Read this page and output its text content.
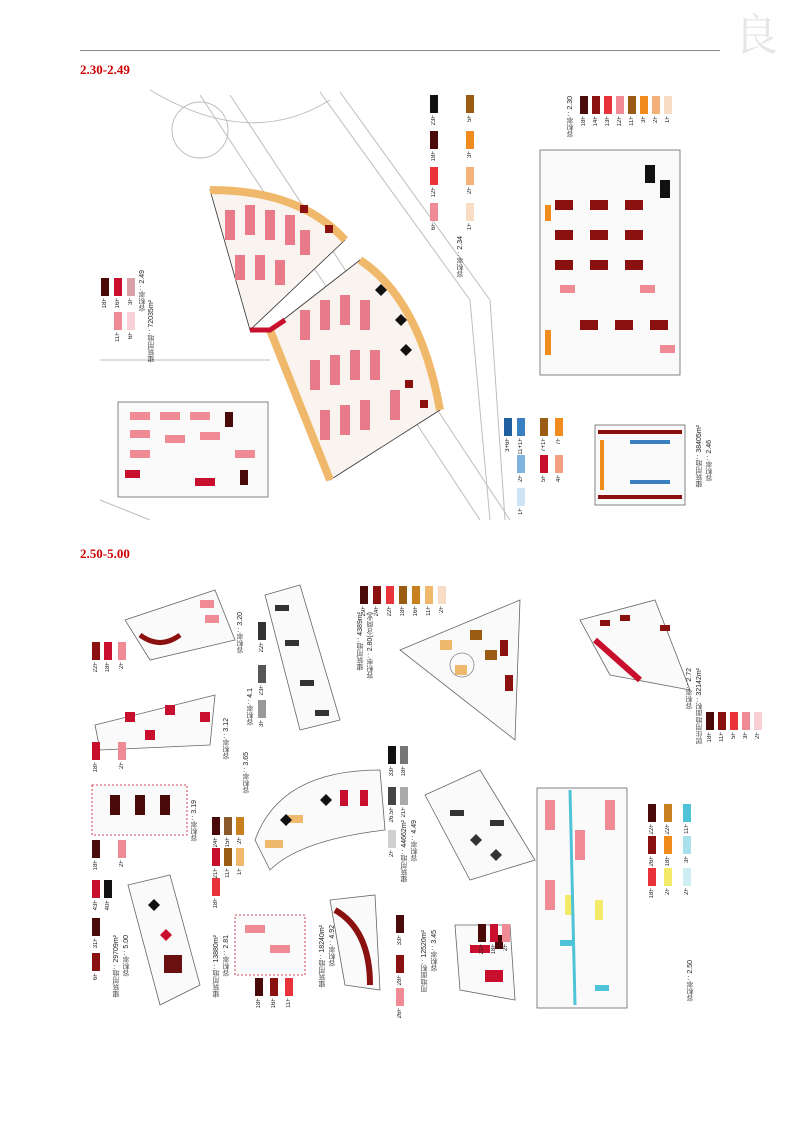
良
2.30-2.49
2.50-5.00
建筑用地：72035m²
容积率：2.49
18F 16F 3F
11F 6F
容积率：2.34
23F
18F
12F
6F
5F
3F
2F
1F
容积率：2.30	18F 14F 13F 12F 11F 3F 2F 1F
建筑用地：38405m² 容积率：2.46
3+6F 11+1F
2F
1F
7+1F 7F
5F 4F
容积率：3.20
22F 18F 2F
容积率：4.1
22F
23F
3F
建筑用地：4389m² 容积率：2.80(含商业)
29F 24F 22F 18F 16F 11F 2F
居住用地面积：32142m²
容积率：2.72
18F 11F 5F 3F 2F
容积率：3.12
18F	2F	容积率：3.65
24F
21F
18F
15F
11F
2F
1F	建筑用地：44662m² 容积率：4.49
33F
26.5F
18F
21F
2F
容积率：2.50
22F
26F
18F
22F
18F
2F
11F
3F
2F
容积率：3.19
18F	2F
建筑用地：29709m² 容积率：5.00
43F 40F
31F
6F	建筑用地：13880m² 容积率：2.81
18F 16F 11F
建筑用地：18240m² 容积率：4.92	33F
28F
26F
用地面积：12520m² 容积率：3.45	21F 18F 2F
